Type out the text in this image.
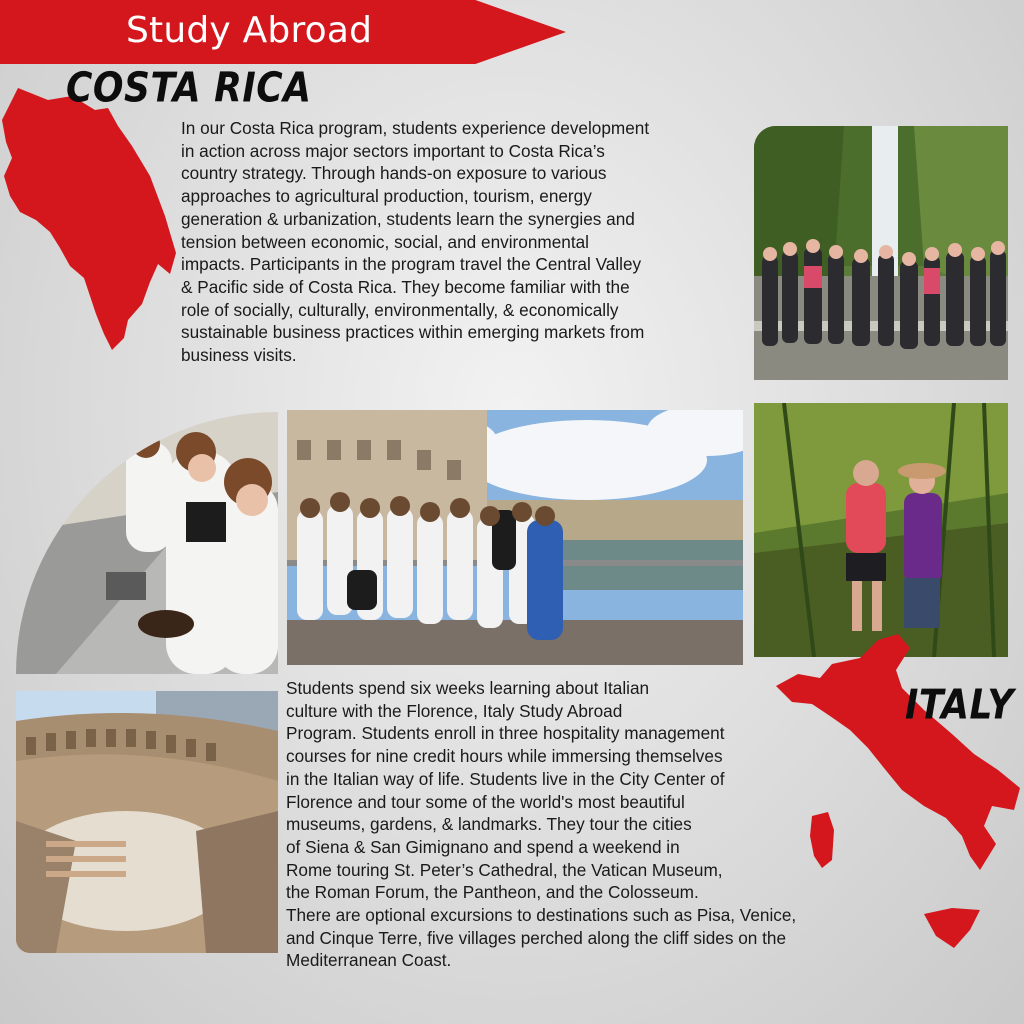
Study Abroad
COSTA RICA
In our Costa Rica program, students experience development
in action across major sectors important to Costa Rica’s
country strategy. Through hands-on exposure to various
approaches to agricultural production, tourism, energy
generation & urbanization, students learn the synergies and
tension between economic, social, and environmental
impacts. Participants in the program travel the Central Valley
& Pacific side of Costa Rica. They become familiar with the
role of socially, culturally, environmentally, & economically
sustainable business practices within emerging markets from
business visits.
ITALY
Students spend six weeks learning about Italian
culture with the Florence, Italy Study Abroad
Program. Students enroll in three hospitality management
courses for nine credit hours while immersing themselves
in the Italian way of life. Students live in the City Center of
Florence and tour some of the world's most beautiful
museums, gardens, & landmarks. They tour the cities
of Siena & San Gimignano and spend a weekend in
Rome touring St. Peter’s Cathedral, the Vatican Museum,
the Roman Forum, the Pantheon, and the Colosseum.
There are optional excursions to destinations such as Pisa, Venice,
and Cinque Terre, five villages perched along the cliff sides on the
Mediterranean Coast.
